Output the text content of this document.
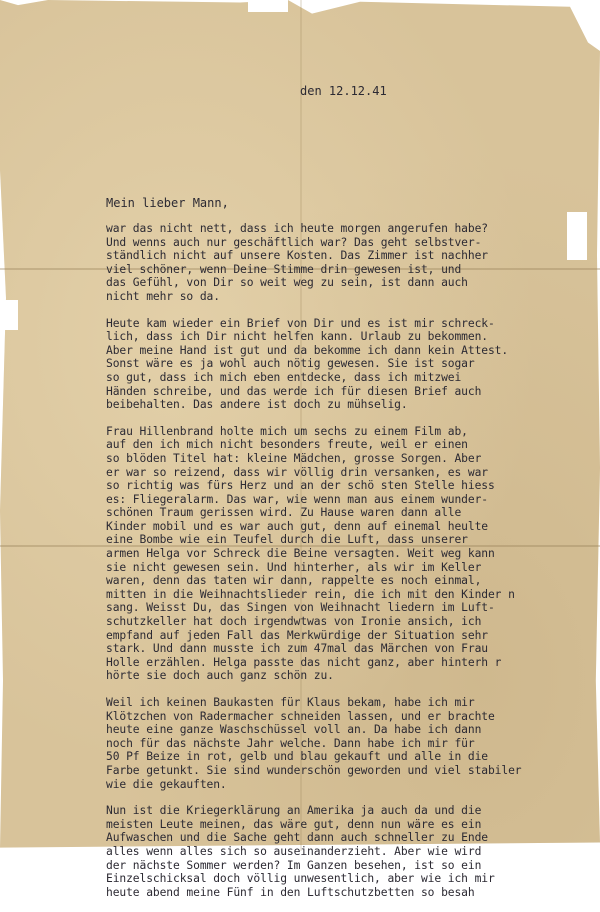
den 12.12.41
Mein lieber Mann,
war das nicht nett, dass ich heute morgen angerufen habe?
Und wenns auch nur geschäftlich war? Das geht selbstver-
ständlich nicht auf unsere Kosten. Das Zimmer ist nachher
viel schöner, wenn Deine Stimme drin gewesen ist, und
das Gefühl, von Dir so weit weg zu sein, ist dann auch
nicht mehr so da.
Heute kam wieder ein Brief von Dir und es ist mir schreck-
lich, dass ich Dir nicht helfen kann. Urlaub zu bekommen.
Aber meine Hand ist gut und da bekomme ich dann kein Attest.
Sonst wäre es ja wohl auch nötig gewesen. Sie ist sogar
so gut, dass ich mich eben entdecke, dass ich mitzwei
Händen schreibe, und das werde ich für diesen Brief auch
beibehalten. Das andere ist doch zu mühselig.
Frau Hillenbrand holte mich um sechs zu einem Film ab,
auf den ich mich nicht besonders freute, weil er einen
so blöden Titel hat: kleine Mädchen, grosse Sorgen. Aber
er war so reizend, dass wir völlig drin versanken, es war
so richtig was fürs Herz und an der schö sten Stelle hiess
es: Fliegeralarm. Das war, wie wenn man aus einem wunder-
schönen Traum gerissen wird. Zu Hause waren dann alle
Kinder mobil und es war auch gut, denn auf einemal heulte
eine Bombe wie ein Teufel durch die Luft, dass unserer
armen Helga vor Schreck die Beine versagten. Weit weg kann
sie nicht gewesen sein. Und hinterher, als wir im Keller
waren, denn das taten wir dann, rappelte es noch einmal,
mitten in die Weihnachtslieder rein, die ich mit den Kinder n
sang. Weisst Du, das Singen von Weihnacht liedern im Luft-
schutzkeller hat doch irgendwtwas von Ironie ansich, ich
empfand auf jeden Fall das Merkwürdige der Situation sehr
stark. Und dann musste ich zum 47mal das Märchen von Frau
Holle erzählen. Helga passte das nicht ganz, aber hinterh r
hörte sie doch auch ganz schön zu.
Weil ich keinen Baukasten für Klaus bekam, habe ich mir
Klötzchen von Radermacher schneiden lassen, und er brachte
heute eine ganze Waschschüssel voll an. Da habe ich dann
noch für das nächste Jahr welche. Dann habe ich mir für
50 Pf Beize in rot, gelb und blau gekauft und alle in die
Farbe getunkt. Sie sind wunderschön geworden und viel stabiler
wie die gekauften.
Nun ist die Kriegerklärung an Amerika ja auch da und die
meisten Leute meinen, das wäre gut, denn nun wäre es ein
Aufwaschen und die Sache geht dann auch schneller zu Ende
alles wenn alles sich so auseinanderzieht. Aber wie wird
der nächste Sommer werden? Im Ganzen besehen, ist so ein
Einzelschicksal doch völlig unwesentlich, aber wie ich mir
heute abend meine Fünf in den Luftschutzbetten so besah
